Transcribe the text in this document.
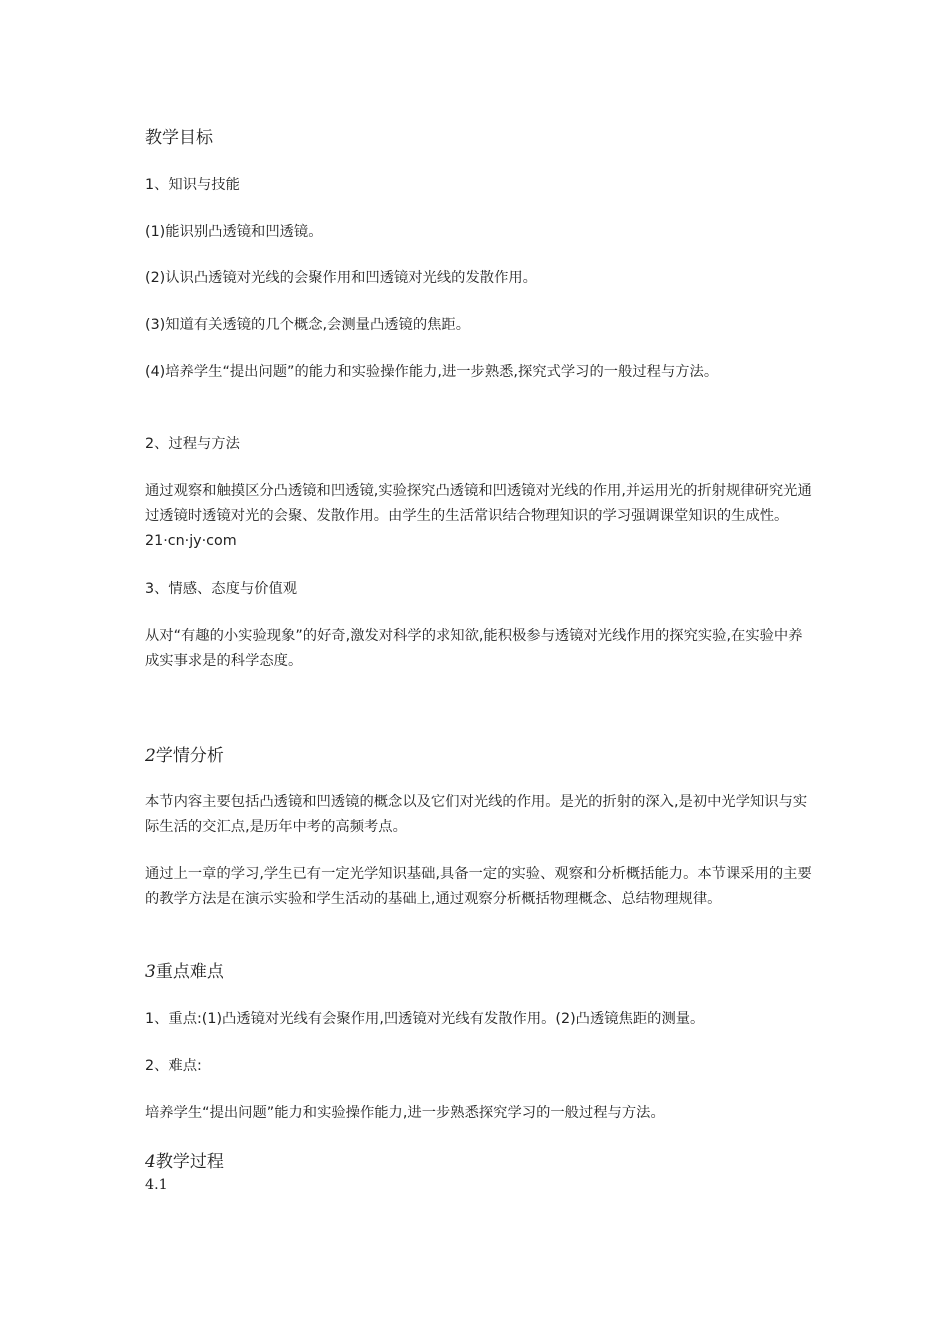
教学目标
1、知识与技能
(1)能识别凸透镜和凹透镜。
(2)认识凸透镜对光线的会聚作用和凹透镜对光线的发散作用。
(3)知道有关透镜的几个概念,会测量凸透镜的焦距。
(4)培养学生“提出问题”的能力和实验操作能力,进一步熟悉,探究式学习的一般过程与方法。
2、过程与方法
通过观察和触摸区分凸透镜和凹透镜,实验探究凸透镜和凹透镜对光线的作用,并运用光的折射规律研究光通过透镜时透镜对光的会聚、发散作用。由学生的生活常识结合物理知识的学习强调课堂知识的生成性。21·cn·jy·com
3、情感、态度与价值观
从对“有趣的小实验现象”的好奇,激发对科学的求知欲,能积极参与透镜对光线作用的探究实验,在实验中养成实事求是的科学态度。
2学情分析
本节内容主要包括凸透镜和凹透镜的概念以及它们对光线的作用。是光的折射的深入,是初中光学知识与实际生活的交汇点,是历年中考的高频考点。
通过上一章的学习,学生已有一定光学知识基础,具备一定的实验、观察和分析概括能力。本节课采用的主要的教学方法是在演示实验和学生活动的基础上,通过观察分析概括物理概念、总结物理规律。
3重点难点
1、重点:(1)凸透镜对光线有会聚作用,凹透镜对光线有发散作用。(2)凸透镜焦距的测量。
2、难点:
培养学生“提出问题”能力和实验操作能力,进一步熟悉探究学习的一般过程与方法。
4教学过程
4.1
